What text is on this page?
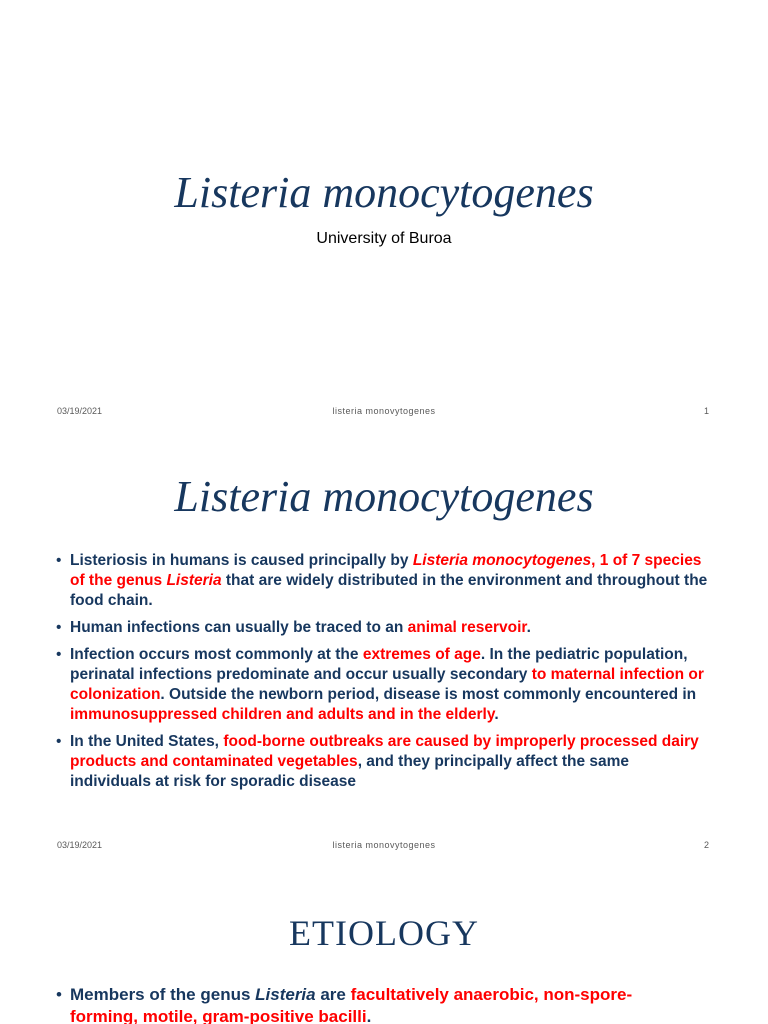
Listeria monocytogenes
University of Buroa
03/19/2021	listeria monovytogenes	1
Listeria monocytogenes
• Listeriosis in humans is caused principally by Listeria monocytogenes, 1 of 7 species of the genus Listeria that are widely distributed in the environment and throughout the food chain.
• Human infections can usually be traced to an animal reservoir.
• Infection occurs most commonly at the extremes of age. In the pediatric population, perinatal infections predominate and occur usually secondary to maternal infection or colonization. Outside the newborn period, disease is most commonly encountered in immunosuppressed children and adults and in the elderly.
• In the United States, food-borne outbreaks are caused by improperly processed dairy products and contaminated vegetables, and they principally affect the same individuals at risk for sporadic disease
03/19/2021	listeria monovytogenes	2
ETIOLOGY
• Members of the genus Listeria are facultatively anaerobic, non-spore-forming, motile, gram-positive bacilli.
